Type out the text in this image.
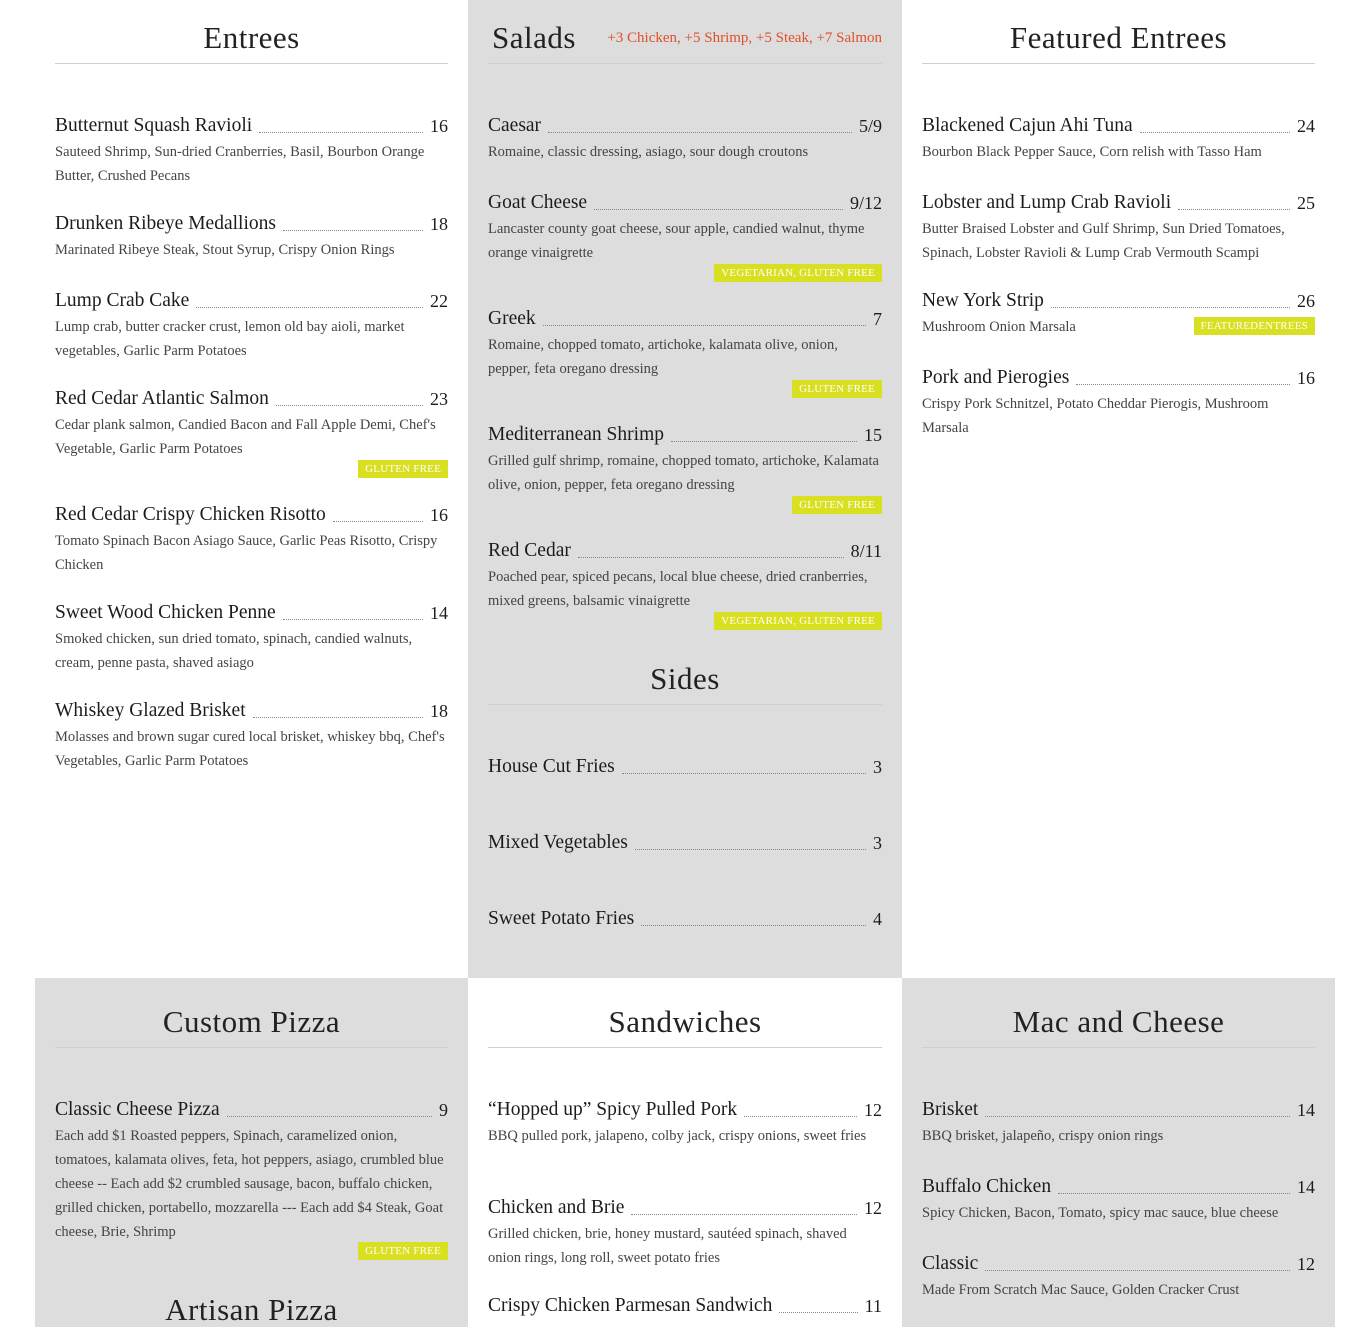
Entrees
Butternut Squash Ravioli	16

Sauteed Shrimp, Sun-dried Cranberries, Basil, Bourbon Orange Butter, Crushed Pecans

Drunken Ribeye Medallions	18

Marinated Ribeye Steak, Stout Syrup, Crispy Onion Rings

Lump Crab Cake	22

Lump crab, butter cracker crust, lemon old bay aioli, market vegetables, Garlic Parm Potatoes

Red Cedar Atlantic Salmon	23

Cedar plank salmon, Candied Bacon and Fall Apple Demi, Chef's Vegetable, Garlic Parm Potatoes

GLUTEN FREE
Red Cedar Crispy Chicken Risotto	16

Tomato Spinach Bacon Asiago Sauce, Garlic Peas Risotto, Crispy Chicken

Sweet Wood Chicken Penne	14

Smoked chicken, sun dried tomato, spinach, candied walnuts, cream, penne pasta, shaved asiago

Whiskey Glazed Brisket	18

Molasses and brown sugar cured local brisket, whiskey bbq, Chef's Vegetables, Garlic Parm Potatoes

Salads +3 Chicken, +5 Shrimp, +5 Steak, +7 Salmon
Caesar	5/9

Romaine, classic dressing, asiago, sour dough croutons

Goat Cheese	9/12

Lancaster county goat cheese, sour apple, candied walnut, thyme orange vinaigrette

VEGETARIAN, GLUTEN FREE
Greek	7

Romaine, chopped tomato, artichoke, kalamata olive, onion, pepper, feta oregano dressing

GLUTEN FREE
Mediterranean Shrimp	15

Grilled gulf shrimp, romaine, chopped tomato, artichoke, Kalamata olive, onion, pepper, feta oregano dressing

GLUTEN FREE
Red Cedar	8/11

Poached pear, spiced pecans, local blue cheese, dried cranberries, mixed greens, balsamic vinaigrette

VEGETARIAN, GLUTEN FREE
Sides
House Cut Fries	3
Mixed Vegetables	3
Sweet Potato Fries	4
Featured Entrees
Blackened Cajun Ahi Tuna	24

Bourbon Black Pepper Sauce, Corn relish with Tasso Ham

Lobster and Lump Crab Ravioli	25

Butter Braised Lobster and Gulf Shrimp, Sun Dried Tomatoes, Spinach, Lobster Ravioli & Lump Crab Vermouth Scampi

New York Strip	26

Mushroom Onion Marsala	FEATUREDENTREES
Pork and Pierogies	16

Crispy Pork Schnitzel, Potato Cheddar Pierogis, Mushroom Marsala

Custom Pizza
Classic Cheese Pizza	9

Each add $1 Roasted peppers, Spinach, caramelized onion, tomatoes, kalamata olives, feta, hot peppers, asiago, crumbled blue cheese -- Each add $2 crumbled sausage, bacon, buffalo chicken, grilled chicken, portabello, mozzarella --- Each add $4 Steak, Goat cheese, Brie, Shrimp

GLUTEN FREE
Artisan Pizza
Sandwiches
“Hopped up” Spicy Pulled Pork	12

BBQ pulled pork, jalapeno, colby jack, crispy onions, sweet fries

Chicken and Brie	12

Grilled chicken, brie, honey mustard, sautéed spinach, shaved onion rings, long roll, sweet potato fries

Crispy Chicken Parmesan Sandwich	11
Mac and Cheese
Brisket	14

BBQ brisket, jalapeño, crispy onion rings

Buffalo Chicken	14

Spicy Chicken, Bacon, Tomato, spicy mac sauce, blue cheese

Classic	12

Made From Scratch Mac Sauce, Golden Cracker Crust
